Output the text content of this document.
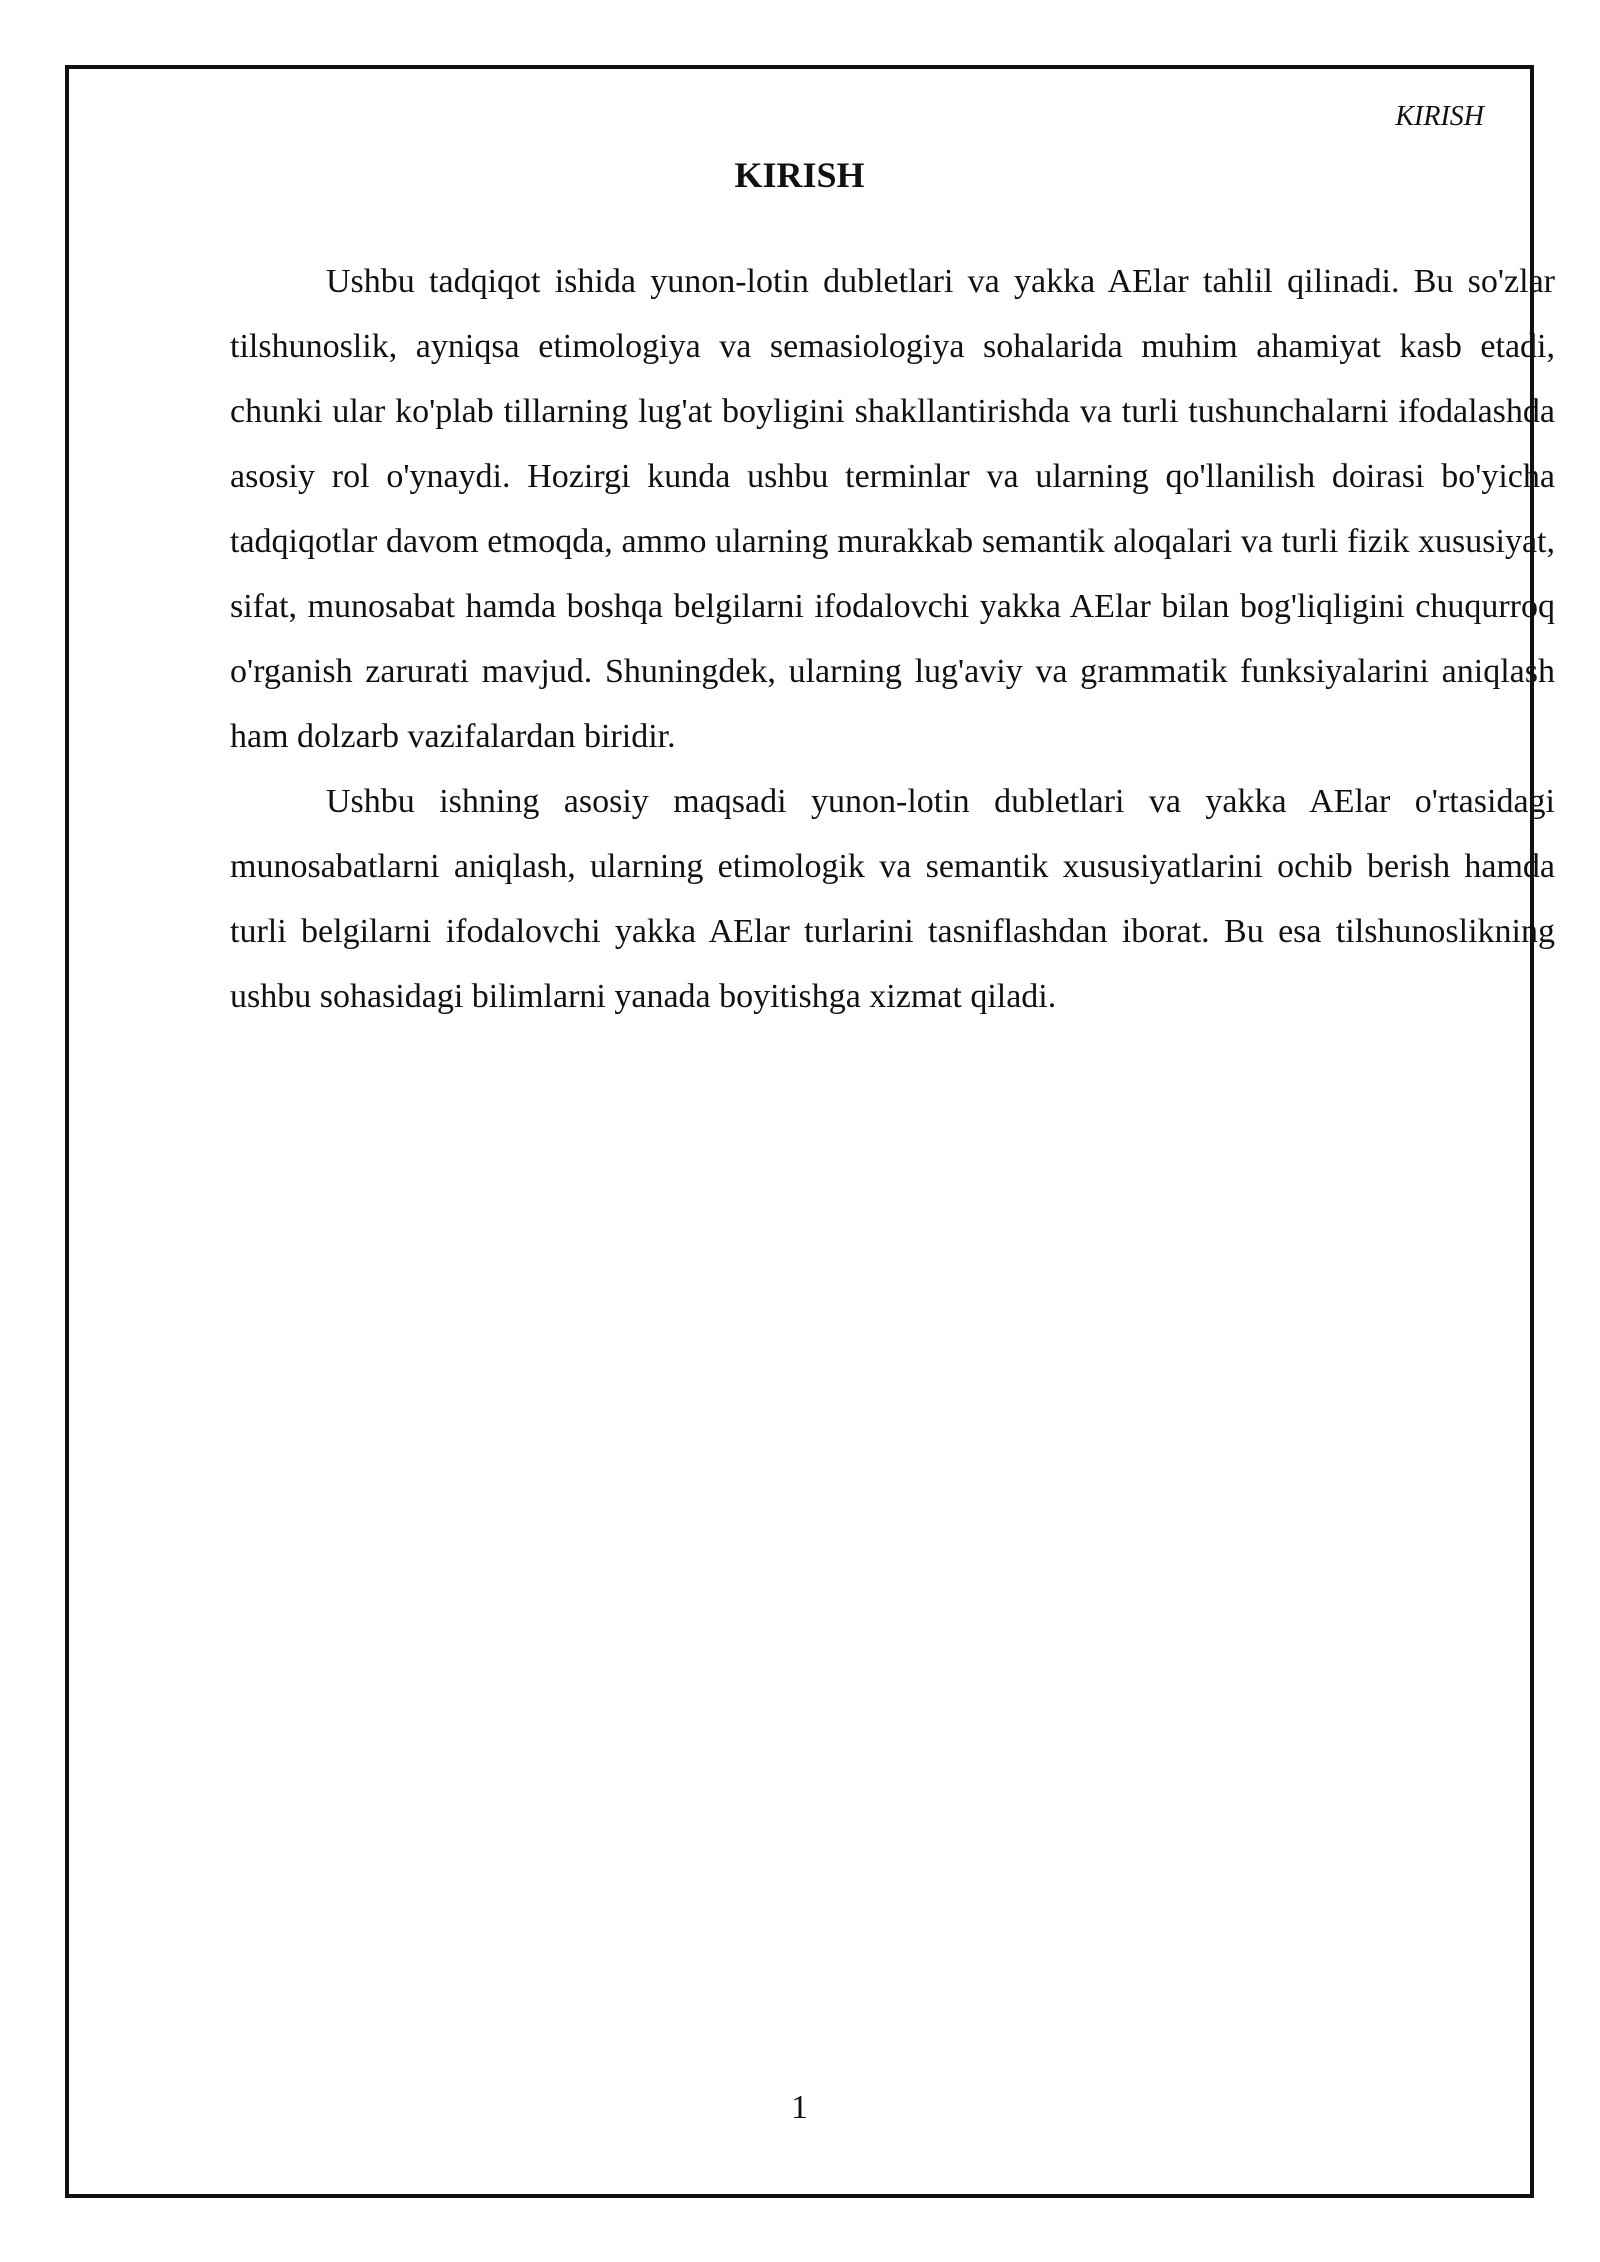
KIRISH
KIRISH

Ushbu tadqiqot ishida yunon-lotin dubletlari va yakka AElar tahlil qilinadi. Bu so'zlar tilshunoslik, ayniqsa etimologiya va semasiologiya sohalarida muhim ahamiyat kasb etadi, chunki ular ko'plab tillarning lug'at boyligini shakllantirishda va turli tushunchalarni ifodalashda asosiy rol o'ynaydi. Hozirgi kunda ushbu terminlar va ularning qo'llanilish doirasi bo'yicha tadqiqotlar davom etmoqda, ammo ularning murakkab semantik aloqalari va turli fizik xususiyat, sifat, munosabat hamda boshqa belgilarni ifodalovchi yakka AElar bilan bog'liqligini chuqurroq o'rganish zarurati mavjud. Shuningdek, ularning lug'aviy va grammatik funksiyalarini aniqlash ham dolzarb vazifalardan biridir.

Ushbu ishning asosiy maqsadi yunon-lotin dubletlari va yakka AElar o'rtasidagi munosabatlarni aniqlash, ularning etimologik va semantik xususiyatlarini ochib berish hamda turli belgilarni ifodalovchi yakka AElar turlarini tasniflashdan iborat. Bu esa tilshunoslikning ushbu sohasidagi bilimlarni yanada boyitishga xizmat qiladi.

1
